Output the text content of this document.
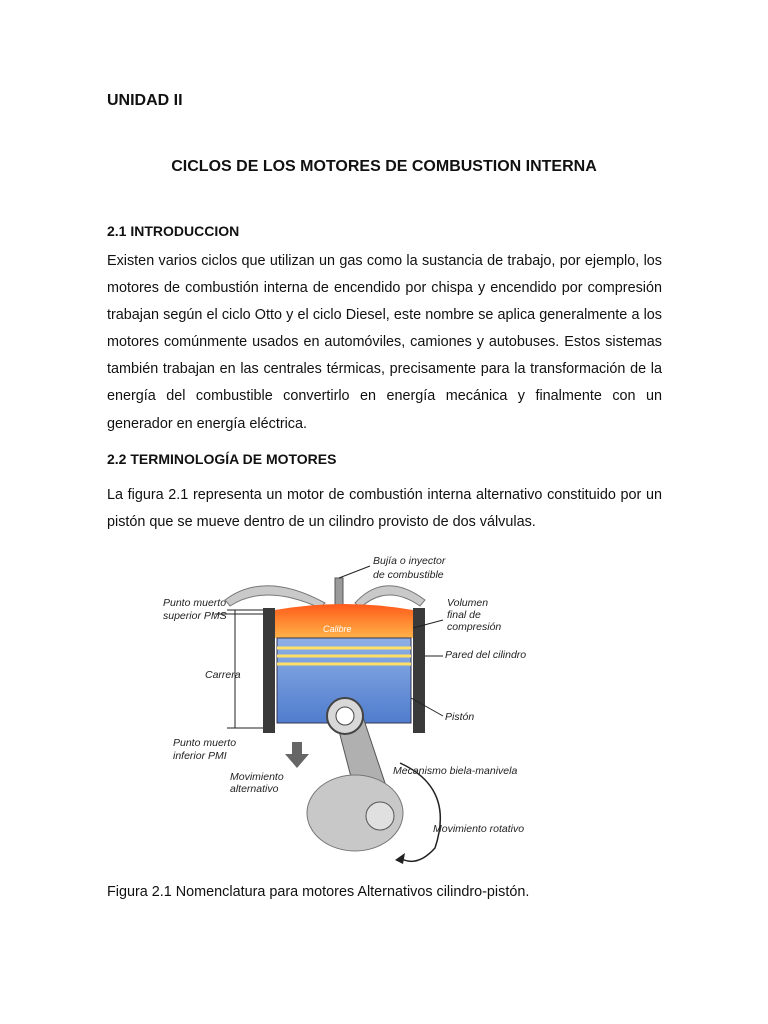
UNIDAD II
CICLOS DE LOS MOTORES DE COMBUSTION INTERNA
2.1 INTRODUCCION

Existen varios ciclos que utilizan un gas como la sustancia de trabajo, por ejemplo, los motores de combustión interna de encendido por chispa y encendido por compresión trabajan según el ciclo Otto y el ciclo Diesel, este nombre se aplica generalmente a los motores comúnmente usados en automóviles, camiones y autobuses. Estos sistemas también trabajan en las centrales térmicas, precisamente para la transformación de la energía del combustible convertirlo en energía mecánica y finalmente con un generador en energía eléctrica.

2.2 TERMINOLOGÍA DE MOTORES

La figura 2.1 representa un motor de combustión interna alternativo constituido por un pistón que se mueve dentro de un cilindro provisto de dos válvulas.

Bujía o inyector
de combustible
Punto muerto
superior PMS
Volumen
final de
compresión
Calibre
Pared del cilindro
Carrera
Pistón
Punto muerto
inferior PMI
Movimiento
alternativo
Mecanismo biela-manivela
Movimiento rotativo
Figura 2.1 Nomenclatura para motores Alternativos cilindro-pistón.
